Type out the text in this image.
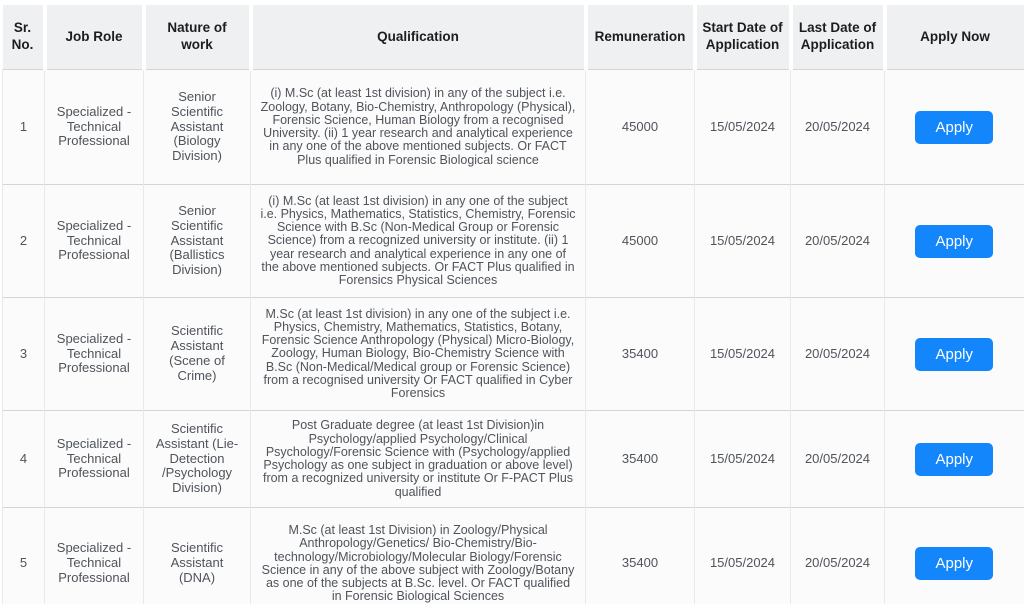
Sr. No.	Job Role	Nature of work	Qualification	Remuneration	Start Date of Application	Last Date of Application	Apply Now
1	Specialized - Technical Professional	Senior Scientific Assistant (Biology Division)	(i) M.Sc (at least 1st division) in any of the subject i.e. Zoology, Botany, Bio-Chemistry, Anthropology (Physical), Forensic Science, Human Biology from a recognised University. (ii) 1 year research and analytical experience in any one of the above mentioned subjects. Or FACT Plus qualified in Forensic Biological science	45000	15/05/2024	20/05/2024	Apply
2	Specialized - Technical Professional	Senior Scientific Assistant (Ballistics Division)	(i) M.Sc (at least 1st division) in any one of the subject i.e. Physics, Mathematics, Statistics, Chemistry, Forensic Science with B.Sc (Non-Medical Group or Forensic Science) from a recognized university or institute. (ii) 1 year research and analytical experience in any one of the above mentioned subjects. Or FACT Plus qualified in Forensics Physical Sciences	45000	15/05/2024	20/05/2024	Apply
3	Specialized - Technical Professional	Scientific Assistant (Scene of Crime)	M.Sc (at least 1st division) in any one of the subject i.e. Physics, Chemistry, Mathematics, Statistics, Botany, Forensic Science Anthropology (Physical) Micro-Biology, Zoology, Human Biology, Bio-Chemistry Science with B.Sc (Non-Medical/Medical group or Forensic Science) from a recognised university Or FACT qualified in Cyber Forensics	35400	15/05/2024	20/05/2024	Apply
4	Specialized - Technical Professional	Scientific Assistant (Lie-Detection /Psychology Division)	Post Graduate degree (at least 1st Division)in Psychology/applied Psychology/Clinical Psychology/Forensic Science with (Psychology/applied Psychology as one subject in graduation or above level) from a recognized university or institute Or F-PACT Plus qualified	35400	15/05/2024	20/05/2024	Apply
5	Specialized - Technical Professional	Scientific Assistant (DNA)	M.Sc (at least 1st Division) in Zoology/Physical Anthropology/Genetics/ Bio-Chemistry/Bio-technology/Microbiology/Molecular Biology/Forensic Science in any of the above subject with Zoology/Botany as one of the subjects at B.Sc. level. Or FACT qualified in Forensic Biological Sciences	35400	15/05/2024	20/05/2024	Apply
